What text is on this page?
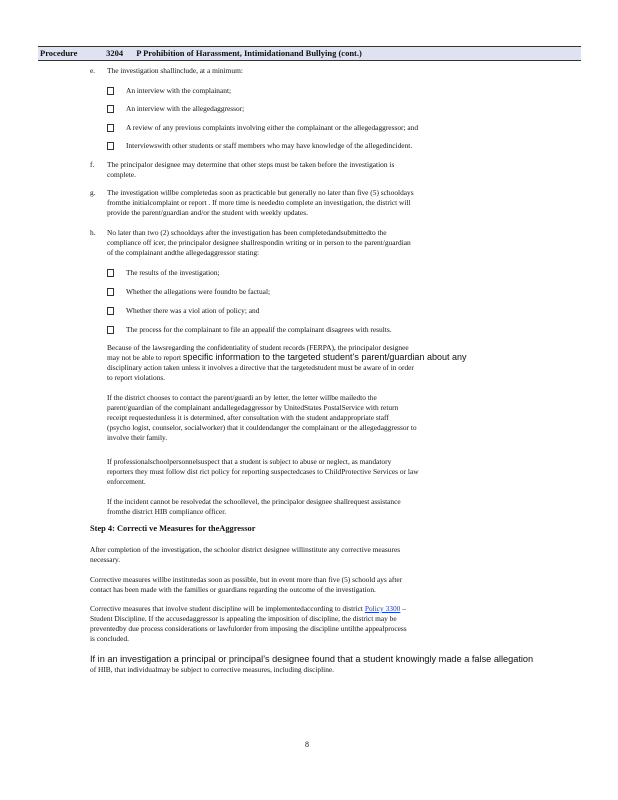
Procedure	3204 P Prohibition of Harassment, Intimidationand Bullying (cont.)
e. The investigation shallinclude, at a minimum:
An interview with the complainant;
An interview with the allegedaggressor;
A review of any previous complaints involving either the complainant or the allegedaggressor; and
Interviewswith other students or staff members who may have knowledge of the allegedincident.
f. The principalor designee may determine that other steps must be taken before the investigation is
complete.
g. The investigation willbe completedas soon as practicable but generally no later than five (5) schooldays
fromthe initialcomplaint or report . If more time is neededto complete an investigation, the district will
provide the parent/guardian and/or the student with weekly updates.
h. No later than two (2) schooldays after the investigation has been completedandsubmittedto the
compliance off icer, the principalor designee shallrespondin writing or in person to the parent/guardian
of the complainant andthe allegedaggressor stating:
The results of the investigation;
Whether the allegations were foundto be factual;
Whether there was a viol ation of policy; and
The process for the complainant to file an appealif the complainant disagrees with results.
Because of the lawsregarding the confidentiality of student records (FERPA), the principalor designee
may not be able to report specific information to the targeted student’s parent/guardian about any
disciplinary action taken unless it involves a directive that the targetedstudent must be aware of in order
to report violations.
If the district chooses to contact the parent/guardi an by letter, the letter willbe mailedto the
parent/guardian of the complainant andallegedaggressor by UnitedStates PostalService with return
receipt requestedunless it is determined, after consultation with the student andappropriate staff
(psycho logist, counselor, socialworker) that it couldendanger the complainant or the allegedaggressor to
involve their family.
If professionalschoolpersonnelsuspect that a student is subject to abuse or neglect, as mandatory
reporters they must follow dist rict policy for reporting suspectedcases to ChildProtective Services or law
enforcement.
If the incident cannot be resolvedat the schoollevel, the principalor designee shallrequest assistance
fromthe district HIB compliance officer.
Step 4: Correcti ve Measures for theAggressor
After completion of the investigation, the schoolor district designee willinstitute any corrective measures
necessary.
Corrective measures willbe institutedas soon as possible, but in event more than five (5) schoold ays after
contact has been made with the families or guardians regarding the outcome of the investigation.
Corrective measures that involve student discipline will be implementedaccording to district Policy 3300 –
Student Discipline. If the accusedaggressor is appealing the imposition of discipline, the district may be
preventedby due process considerations or lawfulorder from imposing the discipline untilthe appealprocess
is concluded.
If in an investigation a principal or principal’s designee found that a student knowingly made a false allegation
of HIB, that individualmay be subject to corrective measures, including discipline.
8
